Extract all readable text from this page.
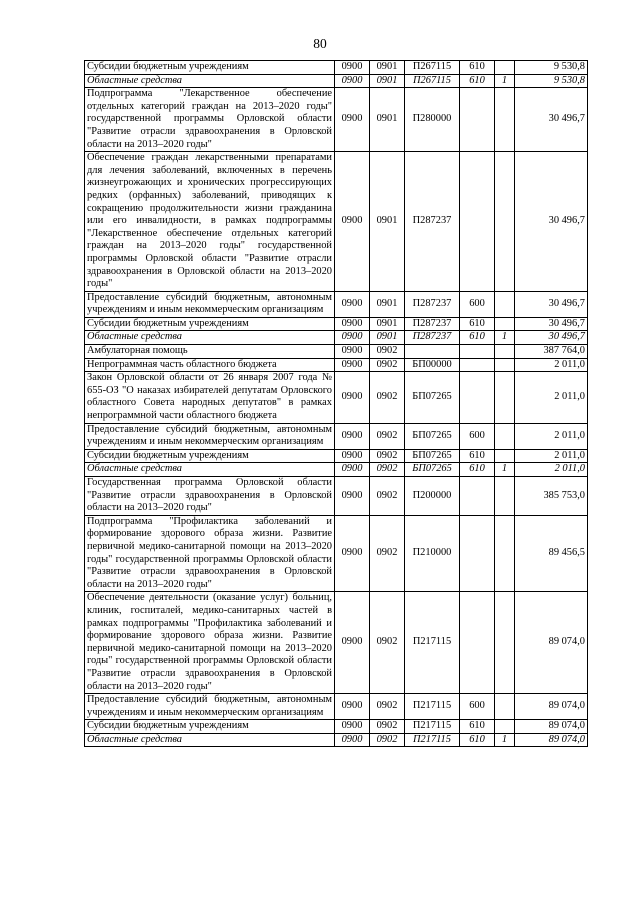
80
Субсидии бюджетным учреждениям	0900	0901	П267115	610		9 530,8
Областные средства	0900	0901	П267115	610	1	9 530,8
Подпрограмма "Лекарственное обеспечение отдельных категорий граждан на 2013–2020 годы" государственной программы Орловской области "Развитие отрасли здравоохранения в Орловской области на 2013–2020 годы"	0900	0901	П280000			30 496,7
Обеспечение граждан лекарственными препаратами для лечения заболеваний, включенных в перечень жизнеугрожающих и хронических прогрессирующих редких (орфанных) заболеваний, приводящих к сокращению продолжительности жизни гражданина или его инвалидности, в рамках подпрограммы "Лекарственное обеспечение отдельных категорий граждан на 2013–2020 годы" государственной программы Орловской области "Развитие отрасли здравоохранения в Орловской области на 2013–2020 годы"	0900	0901	П287237			30 496,7
Предоставление субсидий бюджетным, автономным учреждениям и иным некоммерческим организациям	0900	0901	П287237	600		30 496,7
Субсидии бюджетным учреждениям	0900	0901	П287237	610		30 496,7
Областные средства	0900	0901	П287237	610	1	30 496,7
Амбулаторная помощь	0900	0902				387 764,0
Непрограммная часть областного бюджета	0900	0902	БП00000			2 011,0
Закон Орловской области от 26 января 2007 года № 655-ОЗ "О наказах избирателей депутатам Орловского областного Совета народных депутатов" в рамках непрограммной части областного бюджета	0900	0902	БП07265			2 011,0
Предоставление субсидий бюджетным, автономным учреждениям и иным некоммерческим организациям	0900	0902	БП07265	600		2 011,0
Субсидии бюджетным учреждениям	0900	0902	БП07265	610		2 011,0
Областные средства	0900	0902	БП07265	610	1	2 011,0
Государственная программа Орловской области "Развитие отрасли здравоохранения в Орловской области на 2013–2020 годы"	0900	0902	П200000			385 753,0
Подпрограмма "Профилактика заболеваний и формирование здорового образа жизни. Развитие первичной медико-санитарной помощи на 2013–2020 годы" государственной программы Орловской области "Развитие отрасли здравоохранения в Орловской области на 2013–2020 годы"	0900	0902	П210000			89 456,5
Обеспечение деятельности (оказание услуг) больниц, клиник, госпиталей, медико-санитарных частей в рамках подпрограммы "Профилактика заболеваний и формирование здорового образа жизни. Развитие первичной медико-санитарной помощи на 2013–2020 годы" государственной программы Орловской области "Развитие отрасли здравоохранения в Орловской области на 2013–2020 годы"	0900	0902	П217115			89 074,0
Предоставление субсидий бюджетным, автономным учреждениям и иным некоммерческим организациям	0900	0902	П217115	600		89 074,0
Субсидии бюджетным учреждениям	0900	0902	П217115	610		89 074,0
Областные средства	0900	0902	П217115	610	1	89 074,0
